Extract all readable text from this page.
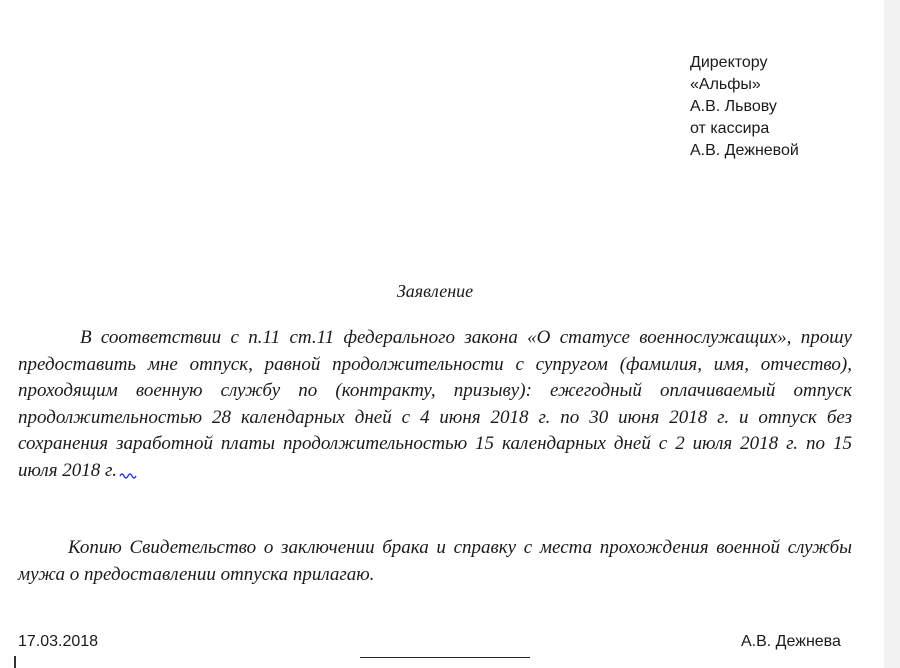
Директору
«Альфы»
А.В. Львову
от кассира
А.В. Дежневой
Заявление
В соответствии с п.11 ст.11 федерального закона «О статусе военнослужащих», прошу предоставить мне отпуск, равной продолжительности с супругом (фамилия, имя, отчество), проходящим военную службу по (контракту, призыву): ежегодный оплачиваемый отпуск продолжительностью 28 календарных дней с 4 июня 2018 г. по 30 июня 2018 г. и отпуск без сохранения заработной платы продолжительностью 15 календарных дней с 2 июля 2018 г. по 15 июля 2018 г.
Копию Свидетельство о заключении брака и справку с места прохождения военной службы мужа о предоставлении отпуска прилагаю.
17.03.2018	А.В. Дежнева
